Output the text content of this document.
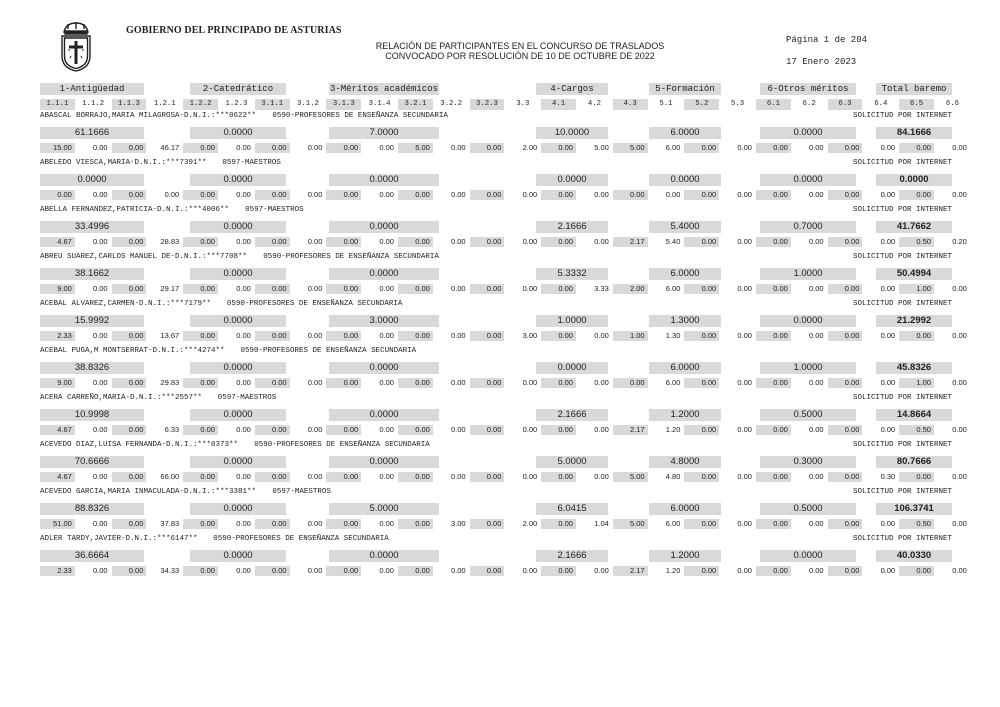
GOBIERNO DEL PRINCIPADO DE ASTURIAS
RELACIÓN DE PARTICIPANTES EN EL CONCURSO DE TRASLADOS
CONVOCADO POR RESOLUCIÓN DE 10 DE OCTUBRE DE 2022
Página 1 de 204
17 Enero 2023
1-Antigüedad	2-Catedrático	3-Méritos académicos	4-Cargos	5-Formación	6-Otros méritos	Total baremo
1.1.1	1.1.2	1.1.3	1.2.1	1.2.2	1.2.3	3.1.1	3.1.2	3.1.3	3.1.4	3.2.1	3.2.2	3.2.3	3.3	4.1	4.2	4.3	5.1	5.2	5.3	6.1	6.2	6.3	6.4	6.5	6.6
ABASCAL BORRAJO,MARIA MILAGROSA-D.N.I.:***0622** 0590-PROFESORES DE ENSEÑANZA SECUNDARIA	SOLICITUD POR INTERNET
61.1666	0.0000	7.0000	10.0000	6.0000	0.0000	84.1666
15.00	0.00	0.00	46.17	0.00	0.00	0.00	0.00	0.00	0.00	5.00	0.00	0.00	2.00	0.00	5.00	5.00	6.00	0.00	0.00	0.00	0.00	0.00	0.00	0.00	0.00
ABELEDO VIESCA,MARIA-D.N.I.:***7391** 0597-MAESTROS	SOLICITUD POR INTERNET
0.0000	0.0000	0.0000	0.0000	0.0000	0.0000	0.0000
0.00	0.00	0.00	0.00	0.00	0.00	0.00	0.00	0.00	0.00	0.00	0.00	0.00	0.00	0.00	0.00	0.00	0.00	0.00	0.00	0.00	0.00	0.00	0.00	0.00	0.00
ABELLA FERNANDEZ,PATRICIA-D.N.I.:***4006** 0597-MAESTROS	SOLICITUD POR INTERNET
33.4996	0.0000	0.0000	2.1666	5.4000	0.7000	41.7662
4.67	0.00	0.00	28.83	0.00	0.00	0.00	0.00	0.00	0.00	0.00	0.00	0.00	0.00	0.00	0.00	2.17	5.40	0.00	0.00	0.00	0.00	0.00	0.00	0.50	0.20
ABREU SUAREZ,CARLOS MANUEL DE-D.N.I.:***7708** 0590-PROFESORES DE ENSEÑANZA SECUNDARIA	SOLICITUD POR INTERNET
38.1662	0.0000	0.0000	5.3332	6.0000	1.0000	50.4994
9.00	0.00	0.00	29.17	0.00	0.00	0.00	0.00	0.00	0.00	0.00	0.00	0.00	0.00	0.00	3.33	2.00	6.00	0.00	0.00	0.00	0.00	0.00	0.00	1.00	0.00
ACEBAL ALVAREZ,CARMEN-D.N.I.:***7179** 0590-PROFESORES DE ENSEÑANZA SECUNDARIA	SOLICITUD POR INTERNET
15.9992	0.0000	3.0000	1.0000	1.3000	0.0000	21.2992
2.33	0.00	0.00	13.67	0.00	0.00	0.00	0.00	0.00	0.00	0.00	0.00	0.00	3.00	0.00	0.00	1.00	1.30	0.00	0.00	0.00	0.00	0.00	0.00	0.00	0.00
ACEBAL PUGA,M MONTSERRAT-D.N.I.:***4274** 0590-PROFESORES DE ENSEÑANZA SECUNDARIA
38.8326	0.0000	0.0000	0.0000	6.0000	1.0000	45.8326
9.00	0.00	0.00	29.83	0.00	0.00	0.00	0.00	0.00	0.00	0.00	0.00	0.00	0.00	0.00	0.00	0.00	6.00	0.00	0.00	0.00	0.00	0.00	0.00	1.00	0.00
ACERA CARREÑO,MARIA-D.N.I.:***2557** 0597-MAESTROS	SOLICITUD POR INTERNET
10.9998	0.0000	0.0000	2.1666	1.2000	0.5000	14.8664
4.67	0.00	0.00	6.33	0.00	0.00	0.00	0.00	0.00	0.00	0.00	0.00	0.00	0.00	0.00	0.00	2.17	1.20	0.00	0.00	0.00	0.00	0.00	0.00	0.50	0.00
ACEVEDO DIAZ,LUISA FERNANDA-D.N.I.:***0373** 0590-PROFESORES DE ENSEÑANZA SECUNDARIA	SOLICITUD POR INTERNET
70.6666	0.0000	0.0000	5.0000	4.8000	0.3000	80.7666
4.67	0.00	0.00	66.00	0.00	0.00	0.00	0.00	0.00	0.00	0.00	0.00	0.00	0.00	0.00	0.00	5.00	4.80	0.00	0.00	0.00	0.00	0.00	0.30	0.00	0.00
ACEVEDO GARCIA,MARIA INMACULADA-D.N.I.:***3381** 0597-MAESTROS	SOLICITUD POR INTERNET
88.8326	0.0000	5.0000	6.0415	6.0000	0.5000	106.3741
51.00	0.00	0.00	37.83	0.00	0.00	0.00	0.00	0.00	0.00	0.00	3.00	0.00	2.00	0.00	1.04	5.00	6.00	0.00	0.00	0.00	0.00	0.00	0.00	0.50	0.00
ADLER TARDY,JAVIER-D.N.I.:***6147** 0590-PROFESORES DE ENSEÑANZA SECUNDARIA	SOLICITUD POR INTERNET
36.6664	0.0000	0.0000	2.1666	1.2000	0.0000	40.0330
2.33	0.00	0.00	34.33	0.00	0.00	0.00	0.00	0.00	0.00	0.00	0.00	0.00	0.00	0.00	0.00	2.17	1.20	0.00	0.00	0.00	0.00	0.00	0.00	0.00	0.00
